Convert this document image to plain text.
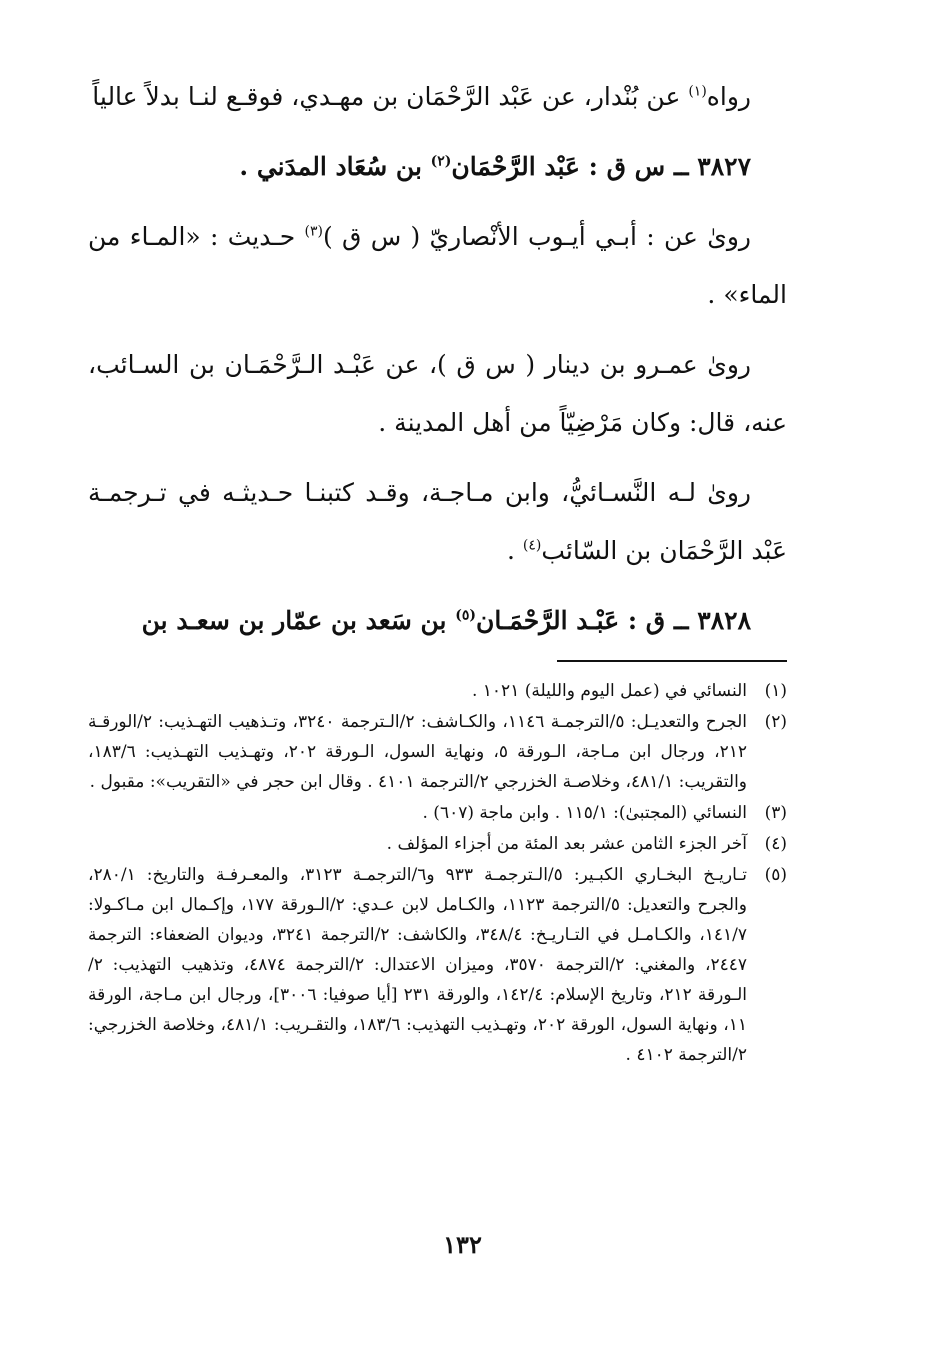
رواه$^{(١)}$ عن بُنْدار، عن عَبْد الرَّحْمَان بن مهـدي، فوقـع لنـا بدلاً عالياً

٣٨٢٧ ــ س ق : عَبْد الرَّحْمَان$^{(٢)}$ بن سُعَاد المدَني .

روىٰ عن : أبـي أيـوب الأنْصاريّ ( س ق )$^{(٣)}$ حـديث : «المـاء من الماء» .

روىٰ عمـرو بن دينار ( س ق )، عن عَبْـد الـرَّحْمَـان بن السـائب، عنه، قال: وكان مَرْضِيّاً من أهل المدينة .

روىٰ لـه النَّسـائيُّ، وابن مـاجـة، وقـد كتبنـا حـديثـه في تـرجمـة عَبْد الرَّحْمَان بن السّائب$^{(٤)}$ .

٣٨٢٨ ــ ق : عَبْـد الرَّحْمَـان$^{(٥)}$ بن سَعد بن عمّار بن سعـد بن

(١)
النسائي في (عمل اليوم والليلة) ١٠٢١ .
(٢)
الجرح والتعديـل: ٥/الترجمـة ١١٤٦، والكـاشف: ٢/الـترجمة ٣٢٤٠، وتـذهيب التهـذيب: ٢/الورقـة ٢١٢، ورجال ابن مـاجة، الـورقة ٥، ونهاية السول، الـورقة ٢٠٢، وتهـذيب التهـذيب: ١٨٣/٦، والتقريب: ٤٨١/١، وخلاصـة الخزرجي ٢/الترجمة ٤١٠١ . وقال ابن حجر في «التقريب»: مقبول .
(٣)
النسائي (المجتبىٰ): ١١٥/١ . وابن ماجة (٦٠٧) .
(٤)
آخر الجزء الثامن عشر بعد المئة من أجزاء المؤلف .
(٥)
تـاريـخ البخـاري الكبـير: ٥/الـترجمـة ٩٣٣ و٦/الترجمـة ٣١٢٣، والمعـرفـة والتاريخ: ٢٨٠/١، والجرح والتعديل: ٥/الترجمة ١١٢٣، والكـامل لابن عـدي: ٢/الـورقة ١٧٧، وإكـمال ابن مـاكـولا: ١٤١/٧، والكـامـل في التـاريـخ: ٣٤٨/٤، والكاشف: ٢/الترجمة ٣٢٤١، وديوان الضعفاء: الترجمة ٢٤٤٧، والمغني: ٢/الترجمة ٣٥٧٠، وميزان الاعتدال: ٢/الترجمة ٤٨٧٤، وتذهيب التهذيب: ٢/الـورقة ٢١٢، وتاريخ الإسلام: ١٤٢/٤، والورقة ٢٣١ [أيا صوفيا: ٣٠٠٦]، ورجال ابن مـاجة، الورقة ١١، ونهاية السول، الورقة ٢٠٢، وتهـذيب التهذيب: ١٨٣/٦، والتقـريب: ٤٨١/١، وخلاصة الخزرجي: ٢/الترجمة ٤١٠٢ .
١٣٢
